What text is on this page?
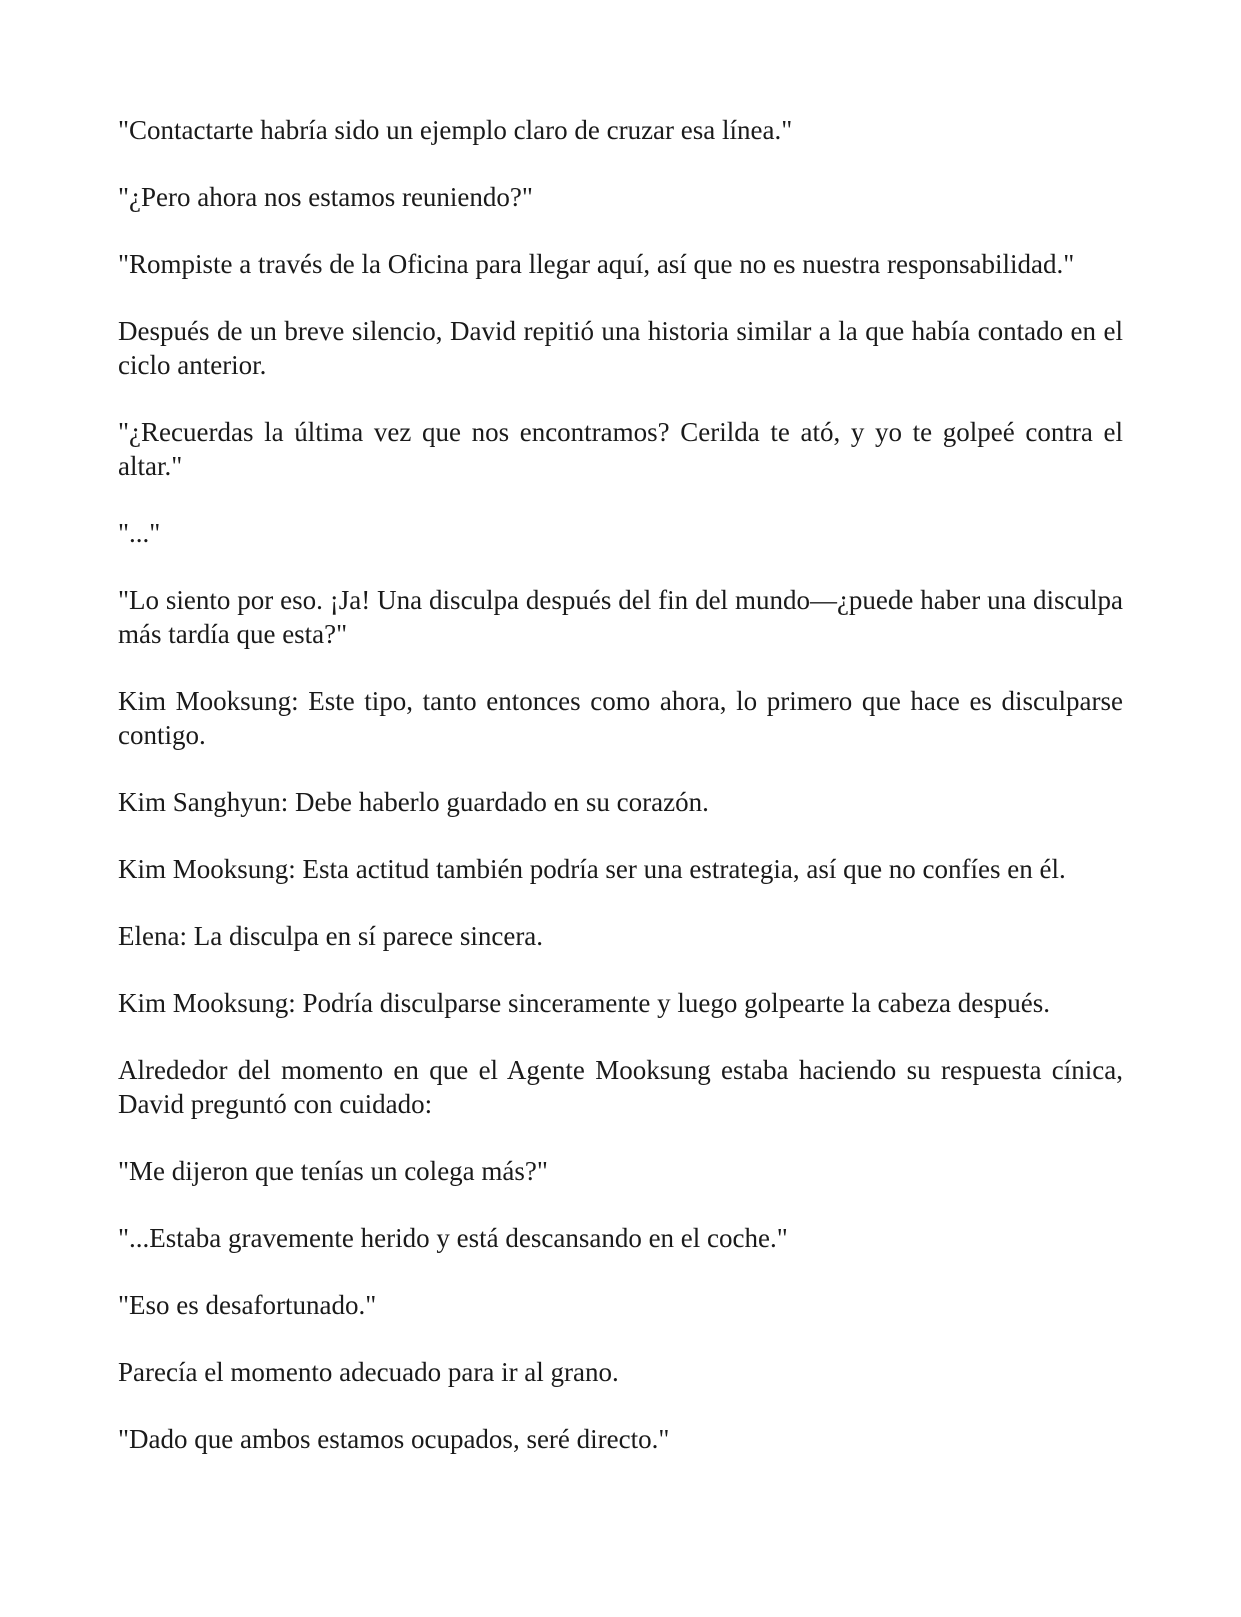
"Contactarte habría sido un ejemplo claro de cruzar esa línea."

"¿Pero ahora nos estamos reuniendo?"

"Rompiste a través de la Oficina para llegar aquí, así que no es nuestra responsabilidad."

Después de un breve silencio, David repitió una historia similar a la que había contado en el ciclo anterior.

"¿Recuerdas la última vez que nos encontramos? Cerilda te ató, y yo te golpeé contra el altar."

"..."

"Lo siento por eso. ¡Ja! Una disculpa después del fin del mundo—¿puede haber una disculpa más tardía que esta?"

Kim Mooksung: Este tipo, tanto entonces como ahora, lo primero que hace es disculparse contigo.

Kim Sanghyun: Debe haberlo guardado en su corazón.

Kim Mooksung: Esta actitud también podría ser una estrategia, así que no confíes en él.

Elena: La disculpa en sí parece sincera.

Kim Mooksung: Podría disculparse sinceramente y luego golpearte la cabeza después.

Alrededor del momento en que el Agente Mooksung estaba haciendo su respuesta cínica, David preguntó con cuidado:

"Me dijeron que tenías un colega más?"

"...Estaba gravemente herido y está descansando en el coche."

"Eso es desafortunado."

Parecía el momento adecuado para ir al grano.

"Dado que ambos estamos ocupados, seré directo."
